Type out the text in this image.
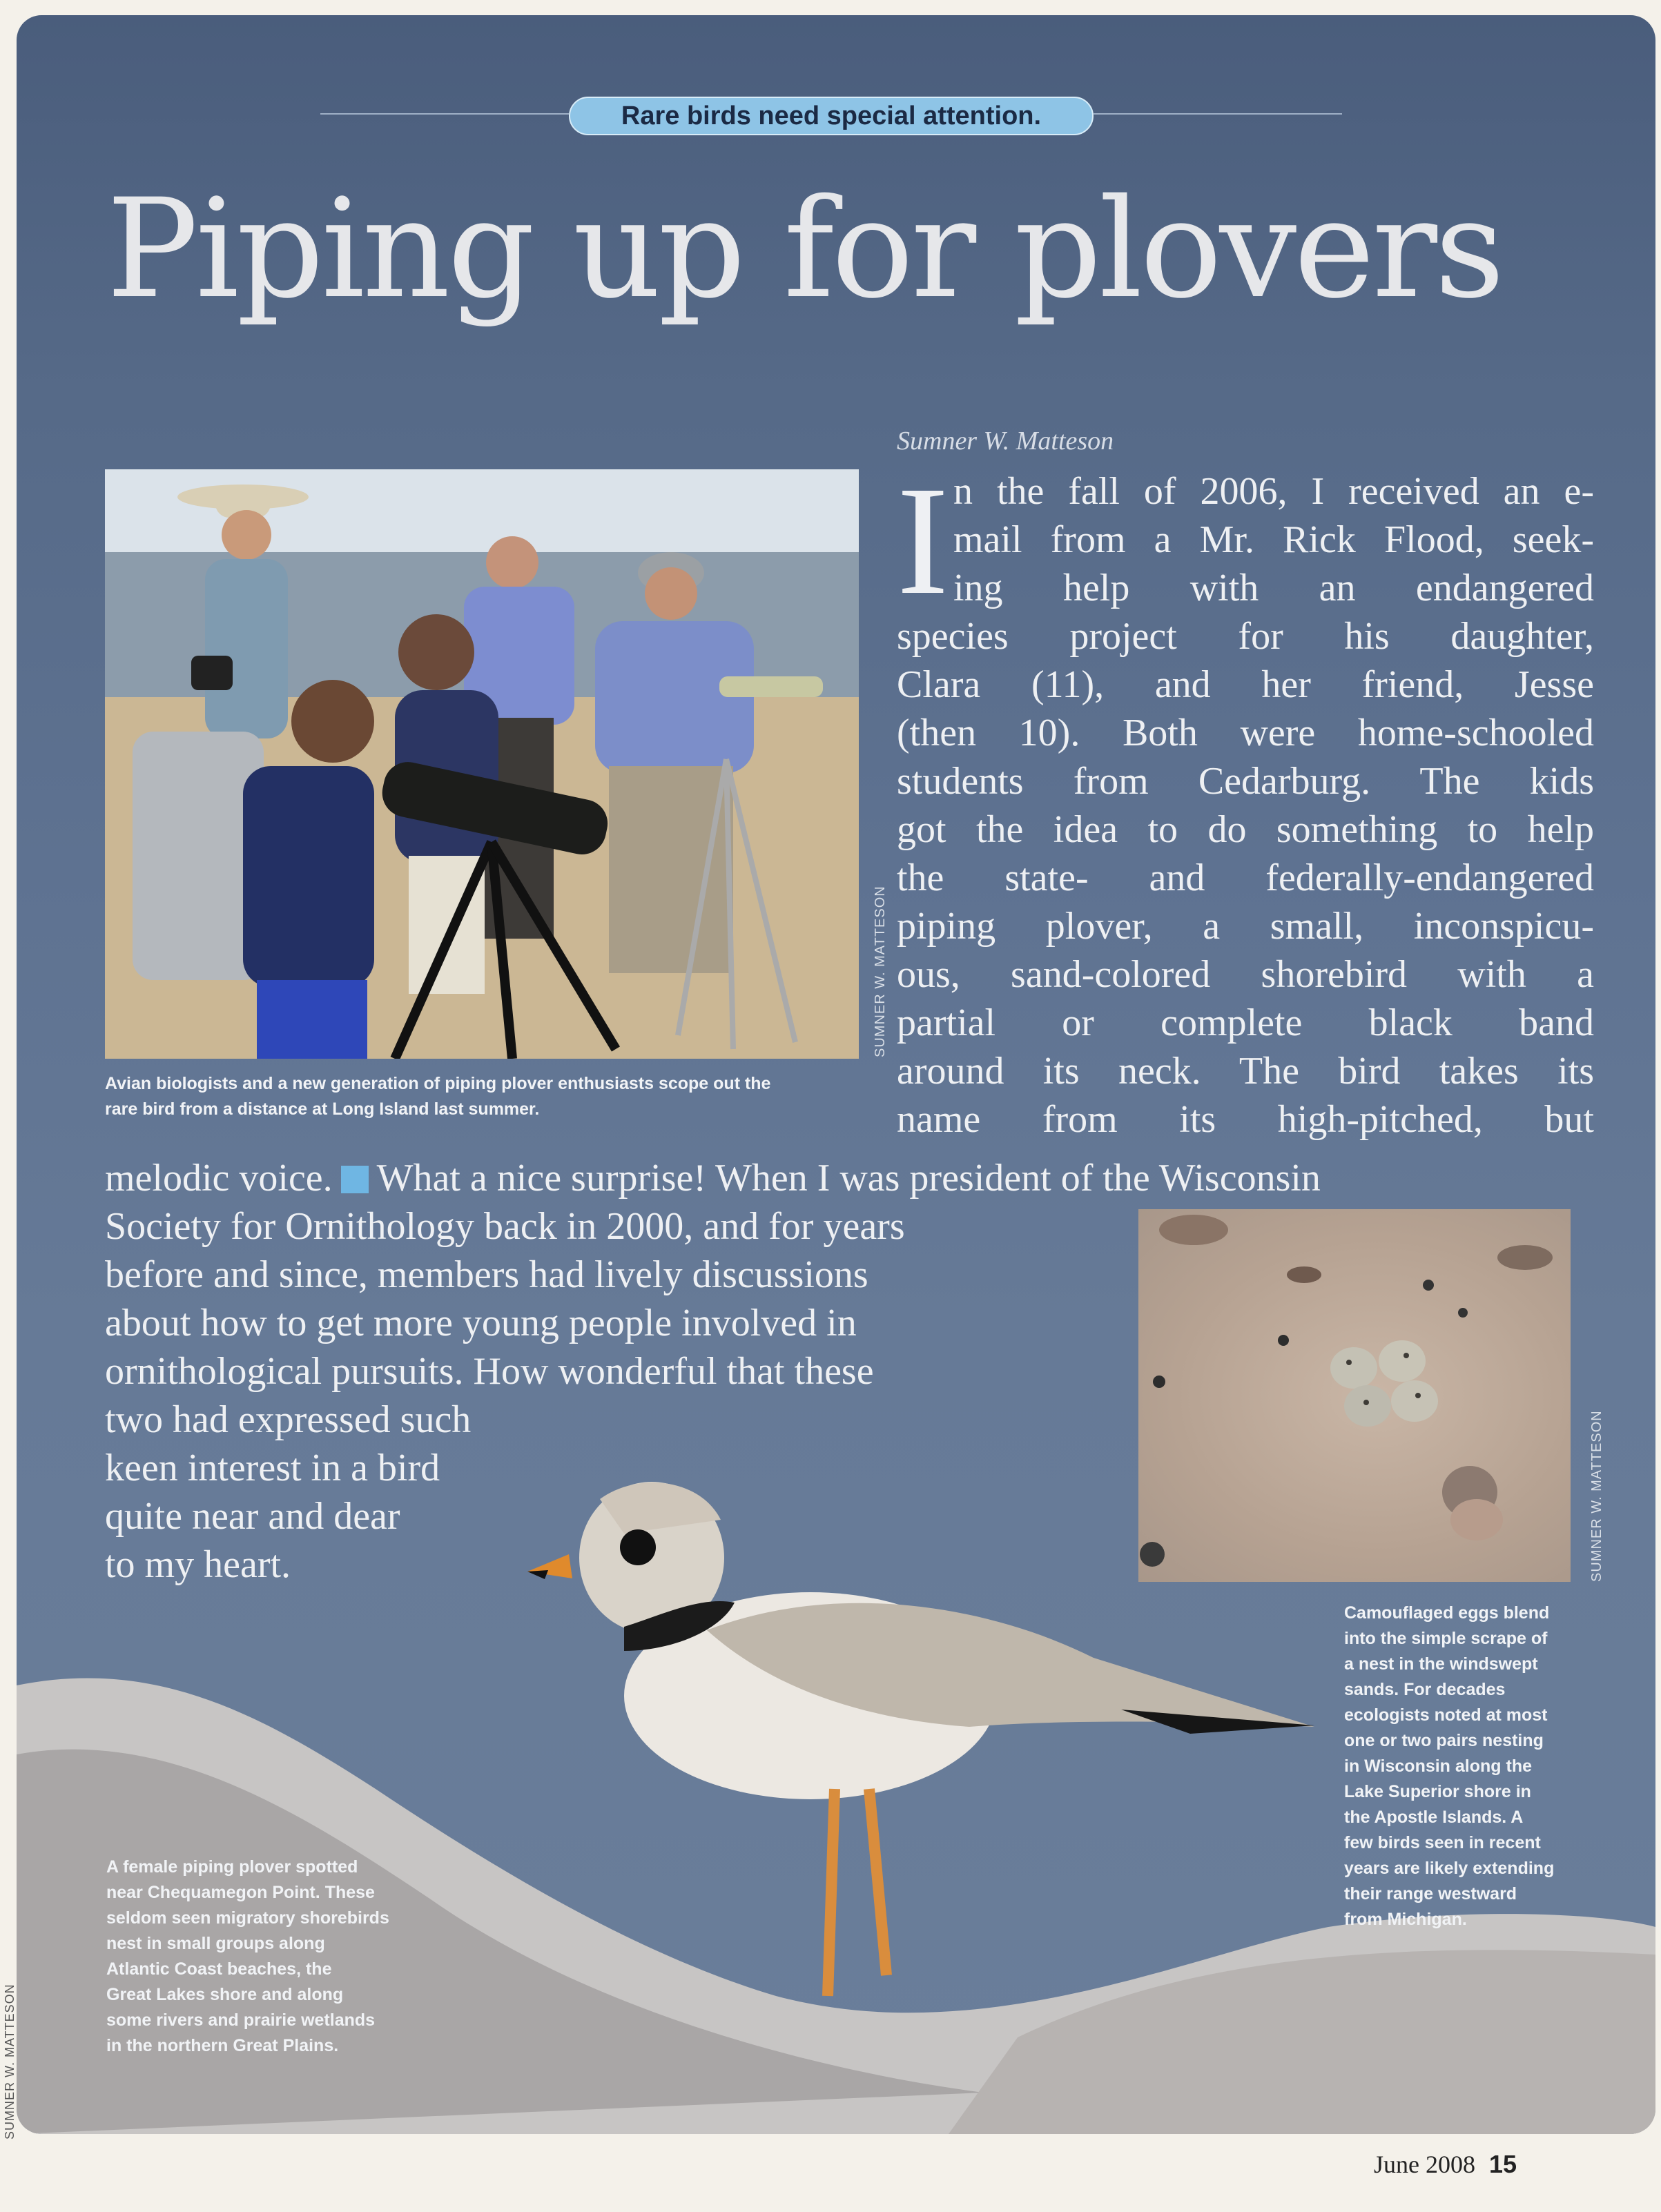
Rare birds need special attention.
Piping up for plovers
Sumner W. Matteson
SUMNER W. MATTESON
Avian biologists and a new generation of piping plover enthusiasts scope out the
rare bird from a distance at Long Island last summer.
I n the fall of 2006, I received an e-
mail from a Mr. Rick Flood, seek-
ing help with an endangered
species project for his daughter,
Clara (11), and her friend, Jesse
(then 10). Both were home-schooled
students from Cedarburg. The kids
got the idea to do something to help
the state- and federally-endangered
piping plover, a small, inconspicu-
ous, sand-colored shorebird with a
partial or complete black band
around its neck. The bird takes its
name from its high-pitched, but
melodic voice. What a nice surprise! When I was president of the Wisconsin
Society for Ornithology back in 2000, and for years
before and since, members had lively discussions
about how to get more young people involved in
ornithological pursuits. How wonderful that these
two had expressed such
keen interest in a bird
quite near and dear
to my heart.	SUMNER W. MATTESON
Camouflaged eggs blend
into the simple scrape of
a nest in the windswept
sands. For decades
ecologists noted at most
one or two pairs nesting
in Wisconsin along the
Lake Superior shore in
the Apostle Islands. A
few birds seen in recent
years are likely extending
their range westward
from Michigan.
A female piping plover spotted
near Chequamegon Point. These
seldom seen migratory shorebirds
nest in small groups along
Atlantic Coast beaches, the
Great Lakes shore and along
some rivers and prairie wetlands
in the northern Great Plains.
SUMNER W. MATTESON
June 2008 15
